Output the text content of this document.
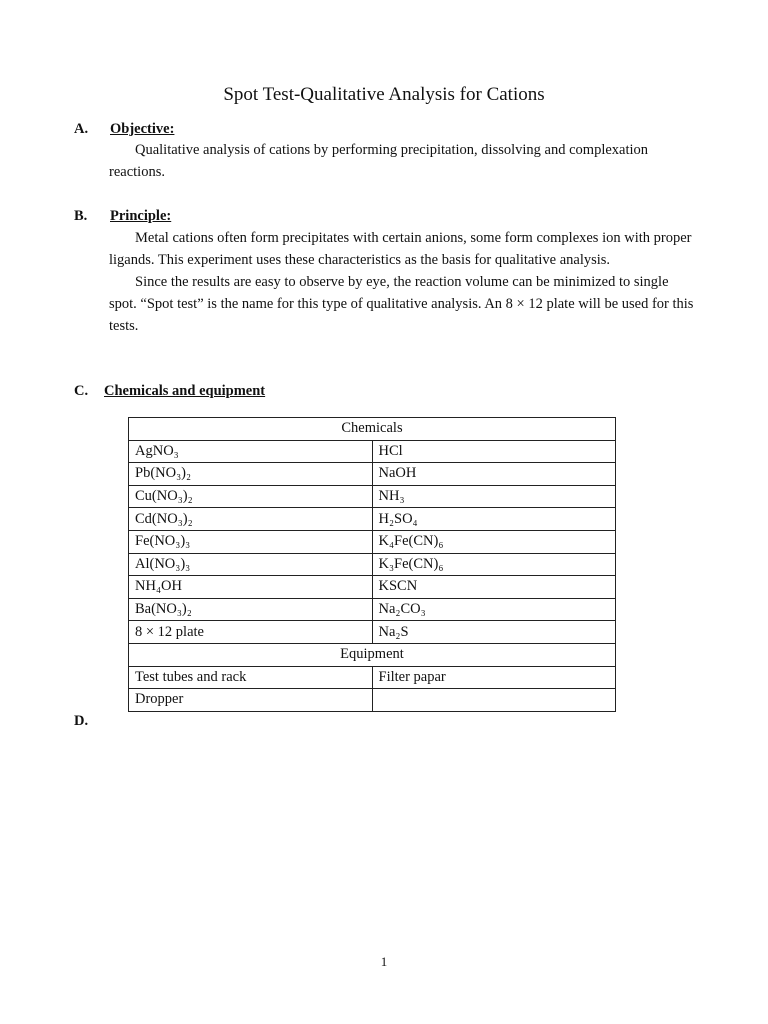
Spot Test-Qualitative Analysis for Cations
A. Objective:

Qualitative analysis of cations by performing precipitation, dissolving and complexation reactions.

B. Principle:

Metal cations often form precipitates with certain anions, some form complexes ion with proper ligands. This experiment uses these characteristics as the basis for qualitative analysis.

Since the results are easy to observe by eye, the reaction volume can be minimized to single spot. “Spot test” is the name for this type of qualitative analysis. An 8 × 12 plate will be used for this tests.

C. Chemicals and equipment
Chemicals	
AgNO₃	HCl
Pb(NO₃)₂	NaOH
Cu(NO₃)₂	NH₃
Cd(NO₃)₂	H₂SO₄
Fe(NO₃)₃	K₄Fe(CN)₆
Al(NO₃)₃	K₃Fe(CN)₆
NH₄OH	KSCN
Ba(NO₃)₂	Na₂CO₃
8 × 12 plate	Na₂S
Equipment	
Test tubes and rack	Filter papar
Dropper	
D.
1
